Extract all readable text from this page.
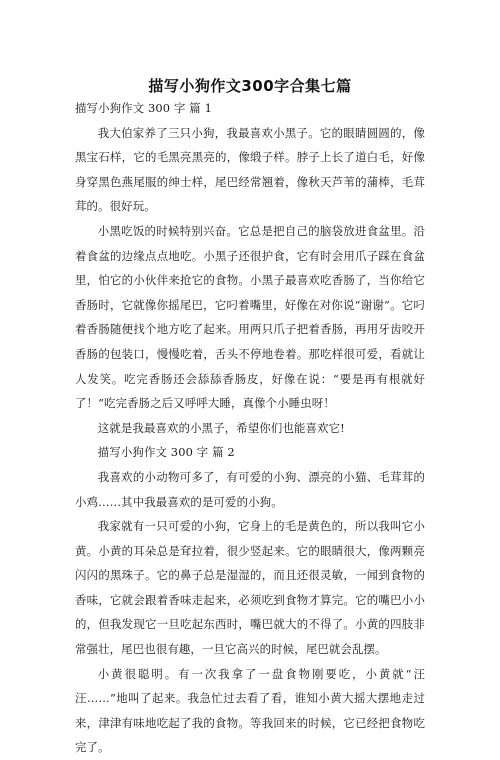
描写小狗作文300字合集七篇

描写小狗作文 300 字 篇 1

我大伯家养了三只小狗，我最喜欢小黑子。它的眼睛圆圆的，像黑宝石样，它的毛黑亮黑亮的，像缎子样。脖子上长了道白毛，好像身穿黑色燕尾服的绅士样，尾巴经常翘着，像秋天芦苇的蒲棒，毛茸茸的。很好玩。

小黑吃饭的时候特别兴奋。它总是把自己的脑袋放进食盆里。沿着食盆的边缘点点地吃。小黑子还很护食，它有时会用爪子踩在食盆里，怕它的小伙伴来抢它的食物。小黑子最喜欢吃香肠了，当你给它香肠时，它就像你摇尾巴，它叼着嘴里，好像在对你说“谢谢”。它叼着香肠随便找个地方吃了起来。用两只爪子把着香肠，再用牙齿咬开香肠的包装口，慢慢吃着，舌头不停地卷着。那吃样很可爱，看就让人发笑。吃完香肠还会舔舔香肠皮，好像在说：“要是再有根就好了！”吃完香肠之后又呼呼大睡，真像个小睡虫呀！

这就是我最喜欢的小黑子，希望你们也能喜欢它!

描写小狗作文 300 字 篇 2

我喜欢的小动物可多了，有可爱的小狗、漂亮的小猫、毛茸茸的小鸡……其中我最喜欢的是可爱的小狗。

我家就有一只可爱的小狗，它身上的毛是黄色的，所以我叫它小黄。小黄的耳朵总是耷拉着，很少竖起来。它的眼睛很大，像两颗亮闪闪的黑珠子。它的鼻子总是湿湿的，而且还很灵敏，一闻到食物的香味，它就会跟着香味走起来，必须吃到食物才算完。它的嘴巴小小的，但我发现它一旦吃起东西时，嘴巴就大的不得了。小黄的四肢非常强壮，尾巴也很有趣，一旦它高兴的时候，尾巴就会乱摆。

小黄很聪明。有一次我拿了一盘食物刚要吃，小黄就“汪汪……”地叫了起来。我急忙过去看了看，谁知小黄大摇大摆地走过来，津津有味地吃起了我的食物。等我回来的时候，它已经把食物吃完了。
